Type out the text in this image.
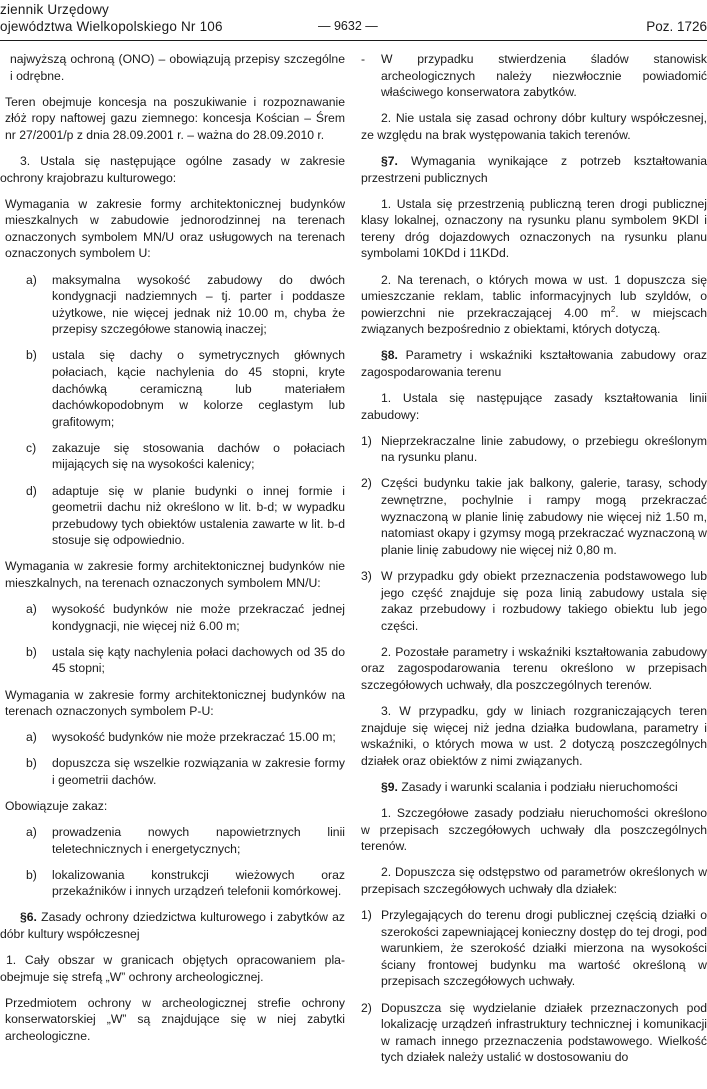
ziennik Urzędowy
ojewództwa Wielkopolskiego Nr 106	— 9632 —	Poz. 1726

najwyższą ochroną (ONO) – obowiązują przepisy szczególne i odrębne.

Teren obejmuje koncesja na poszukiwanie i rozpoznawanie złóż ropy naftowej gazu ziemnego: koncesja Kościan – Śrem nr 27/2001/p z dnia 28.09.2001 r. – ważna do 28.09.2010 r.

3. Ustala się następujące ogólne zasady w zakresie ochrony krajobrazu kulturowego:

Wymagania w zakresie formy architektonicznej budynków mieszkalnych w zabudowie jednorodzinnej na terenach oznaczonych symbolem MN/U oraz usługowych na terenach oznaczonych symbolem U:
a)	maksymalna wysokość zabudowy do dwóch kondygnacji nadziemnych – tj. parter i poddasze użytkowe, nie więcej jednak niż 10.00 m, chyba że przepisy szczegółowe stanowią inaczej;
b)	ustala się dachy o symetrycznych głównych połaciach, kącie nachylenia do 45 stopni, kryte dachówką ceramiczną lub materiałem dachówkopodobnym w kolorze ceglastym lub grafitowym;
c)	zakazuje się stosowania dachów o połaciach mijających się na wysokości kalenicy;
d)	adaptuje się w planie budynki o innej formie i geometrii dachu niż określono w lit. b-d; w wypadku przebudowy tych obiektów ustalenia zawarte w lit. b-d stosuje się odpowiednio.
Wymagania w zakresie formy architektonicznej budynków nie mieszkalnych, na terenach oznaczonych symbolem MN/U:
a)	wysokość budynków nie może przekraczać jednej kondygnacji, nie więcej niż 6.00 m;
b)	ustala się kąty nachylenia połaci dachowych od 35 do 45 stopni;
Wymagania w zakresie formy architektonicznej budynków na terenach oznaczonych symbolem P-U:
a)	wysokość budynków nie może przekraczać 15.00 m;
b)	dopuszcza się wszelkie rozwiązania w zakresie formy i geometrii dachów.
Obowiązuje zakaz:
a)	prowadzenia nowych napowietrznych linii teletechnicznych i energetycznych;
b)	lokalizowania konstrukcji wieżowych oraz przekaźników i innych urządzeń telefonii komórkowej.

§6. Zasady ochrony dziedzictwa kulturowego i zabytków az dóbr kultury współczesnej

1. Cały obszar w granicach objętych opracowaniem pla- obejmuje się strefą „W” ochrony archeologicznej.

Przedmiotem ochrony w archeologicznej strefie ochrony konserwatorskiej „W” są znajdujące się w niej zabytki archeologiczne.
-	W przypadku stwierdzenia śladów stanowisk archeologicznych należy niezwłocznie powiadomić właściwego konserwatora zabytków.

2. Nie ustala się zasad ochrony dóbr kultury współczesnej, ze względu na brak występowania takich terenów.

§7. Wymagania wynikające z potrzeb kształtowania przestrzeni publicznych

1. Ustala się przestrzenią publiczną teren drogi publicznej klasy lokalnej, oznaczony na rysunku planu symbolem 9KDl i tereny dróg dojazdowych oznaczonych na rysunku planu symbolami 10KDd i 11KDd.

2. Na terenach, o których mowa w ust. 1 dopuszcza się umieszczanie reklam, tablic informacyjnych lub szyldów, o powierzchni nie przekraczającej 4.00 $m^2$. w miejscach związanych bezpośrednio z obiektami, których dotyczą.

§8. Parametry i wskaźniki kształtowania zabudowy oraz zagospodarowania terenu

1. Ustala się następujące zasady kształtowania linii zabudowy:

1) Nieprzekraczalne linie zabudowy, o przebiegu określonym na rysunku planu.
2) Części budynku takie jak balkony, galerie, tarasy, schody zewnętrzne, pochylnie i rampy mogą przekraczać wyznaczoną w planie linię zabudowy nie więcej niż 1.50 m, natomiast okapy i gzymsy mogą przekraczać wyznaczoną w planie linię zabudowy nie więcej niż 0,80 m.
3) W przypadku gdy obiekt przeznaczenia podstawowego lub jego część znajduje się poza linią zabudowy ustala się zakaz przebudowy i rozbudowy takiego obiektu lub jego części.

2. Pozostałe parametry i wskaźniki kształtowania zabudowy oraz zagospodarowania terenu określono w przepisach szczegółowych uchwały, dla poszczególnych terenów.

3. W przypadku, gdy w liniach rozgraniczających teren znajduje się więcej niż jedna działka budowlana, parametry i wskaźniki, o których mowa w ust. 2 dotyczą poszczególnych działek oraz obiektów z nimi związanych.

§9. Zasady i warunki scalania i podziału nieruchomości

1. Szczegółowe zasady podziału nieruchomości określono w przepisach szczegółowych uchwały dla poszczególnych terenów.

2. Dopuszcza się odstępstwo od parametrów określonych w przepisach szczegółowych uchwały dla działek:

1) Przylegających do terenu drogi publicznej częścią działki o szerokości zapewniającej konieczny dostęp do tej drogi, pod warunkiem, że szerokość działki mierzona na wysokości ściany frontowej budynku ma wartość określoną w przepisach szczegółowych uchwały.
2) Dopuszcza się wydzielanie działek przeznaczonych pod lokalizację urządzeń infrastruktury technicznej i komunikacji w ramach innego przeznaczenia podstawowego. Wielkość tych działek należy ustalić w dostosowaniu do
